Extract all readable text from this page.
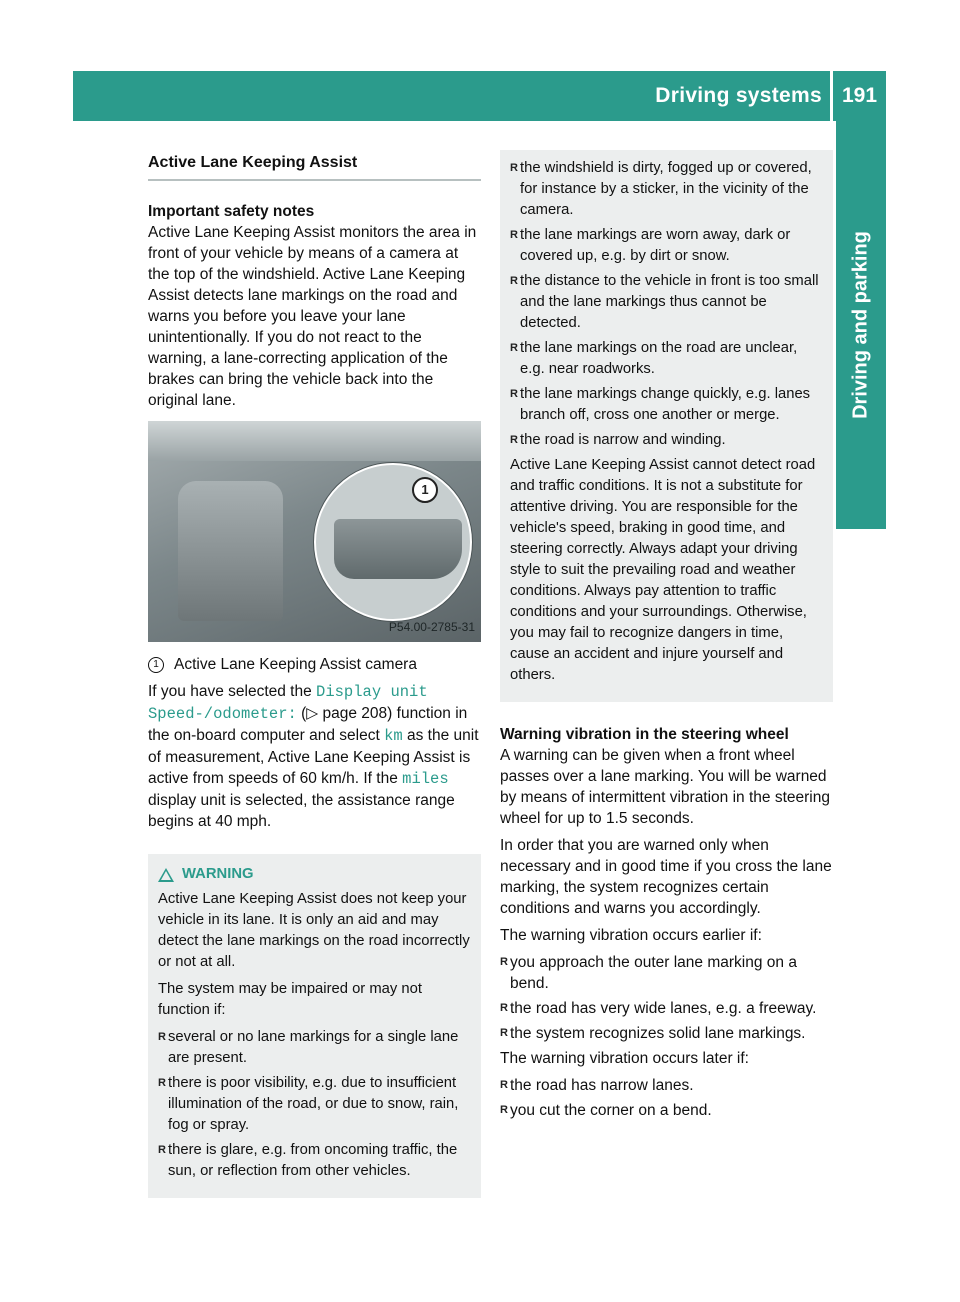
Driving systems 191
Driving and parking
Active Lane Keeping Assist
Important safety notes

Active Lane Keeping Assist monitors the area in front of your vehicle by means of a camera at the top of the windshield. Active Lane Keeping Assist detects lane markings on the road and warns you before you leave your lane unintentionally. If you do not react to the warning, a lane-correcting application of the brakes can bring the vehicle back into the original lane.

1
P54.00-2785-31
1 Active Lane Keeping Assist camera

If you have selected the Display unit Speed-/odometer: (▷ page 208) function in the on-board computer and select km as the unit of measurement, Active Lane Keeping Assist is active from speeds of 60 km/h. If the miles display unit is selected, the assistance range begins at 40 mph.

WARNING

Active Lane Keeping Assist does not keep your vehicle in its lane. It is only an aid and may detect the lane markings on the road incorrectly or not at all.

The system may be impaired or may not function if:

R several or no lane markings for a single lane are present.
R there is poor visibility, e.g. due to insufficient illumination of the road, or due to snow, rain, fog or spray.
R there is glare, e.g. from oncoming traffic, the sun, or reflection from other vehicles.
R the windshield is dirty, fogged up or covered, for instance by a sticker, in the vicinity of the camera.
R the lane markings are worn away, dark or covered up, e.g. by dirt or snow.
R the distance to the vehicle in front is too small and the lane markings thus cannot be detected.
R the lane markings on the road are unclear, e.g. near roadworks.
R the lane markings change quickly, e.g. lanes branch off, cross one another or merge.
R the road is narrow and winding.

Active Lane Keeping Assist cannot detect road and traffic conditions. It is not a substitute for attentive driving. You are responsible for the vehicle's speed, braking in good time, and steering correctly. Always adapt your driving style to suit the prevailing road and weather conditions. Always pay attention to traffic conditions and your surroundings. Otherwise, you may fail to recognize dangers in time, cause an accident and injure yourself and others.

Warning vibration in the steering wheel

A warning can be given when a front wheel passes over a lane marking. You will be warned by means of intermittent vibration in the steering wheel for up to 1.5 seconds.

In order that you are warned only when necessary and in good time if you cross the lane marking, the system recognizes certain conditions and warns you accordingly.

The warning vibration occurs earlier if:

R you approach the outer lane marking on a bend.
R the road has very wide lanes, e.g. a freeway.
R the system recognizes solid lane markings.

The warning vibration occurs later if:

R the road has narrow lanes.
R you cut the corner on a bend.
